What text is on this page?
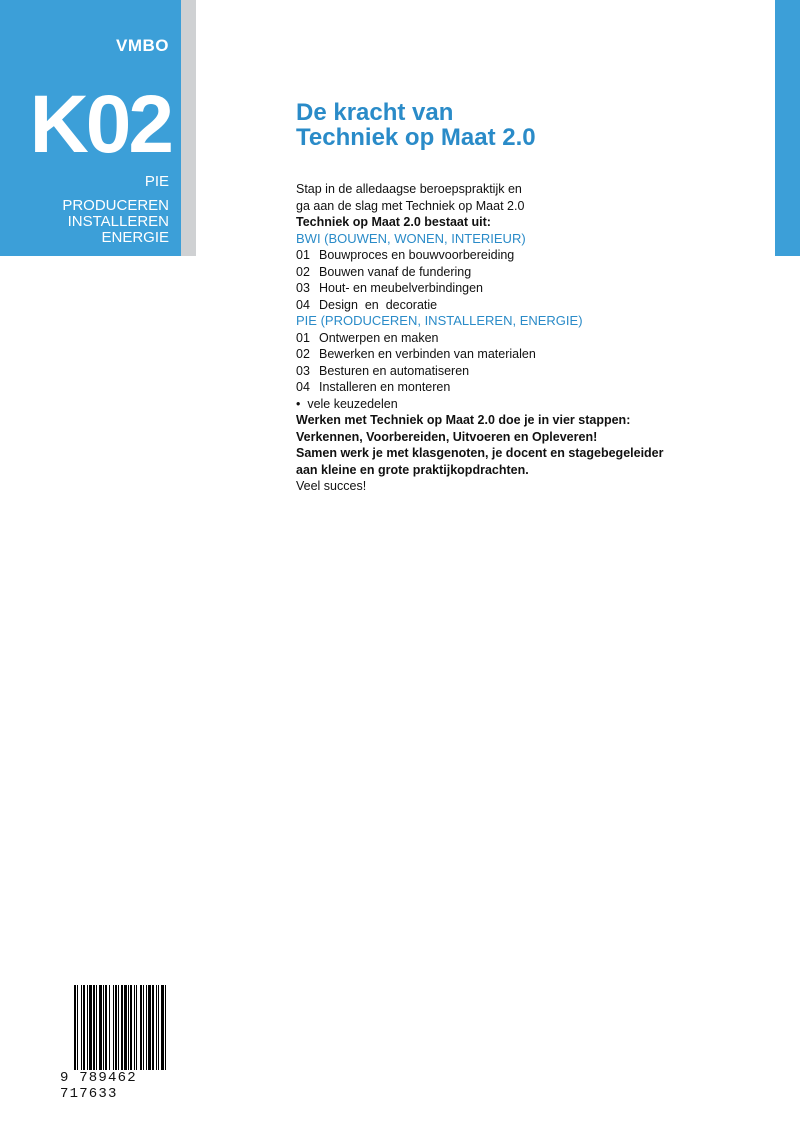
VMBO
K02
PIE
PRODUCEREN
INSTALLEREN
ENERGIE
De kracht van
Techniek op Maat 2.0

Stap in de alledaagse beroepspraktijk en

ga aan de slag met Techniek op Maat 2.0

Techniek op Maat 2.0 bestaat uit:

BWI (BOUWEN, WONEN, INTERIEUR)

01 Bouwproces en bouwvoorbereiding
02 Bouwen vanaf de fundering
03 Hout- en meubelverbindingen
04 Design  en  decoratie

PIE (PRODUCEREN, INSTALLEREN, ENERGIE)

01 Ontwerpen en maken
02 Bewerken en verbinden van materialen
03 Besturen en automatiseren
04 Installeren en monteren

•  vele keuzedelen

Werken met Techniek op Maat 2.0 doe je in vier stappen:

Verkennen, Voorbereiden, Uitvoeren en Opleveren!

Samen werk je met klasgenoten, je docent en stagebegeleider

aan kleine en grote praktijkopdrachten.

Veel succes!

9 789462 717633
